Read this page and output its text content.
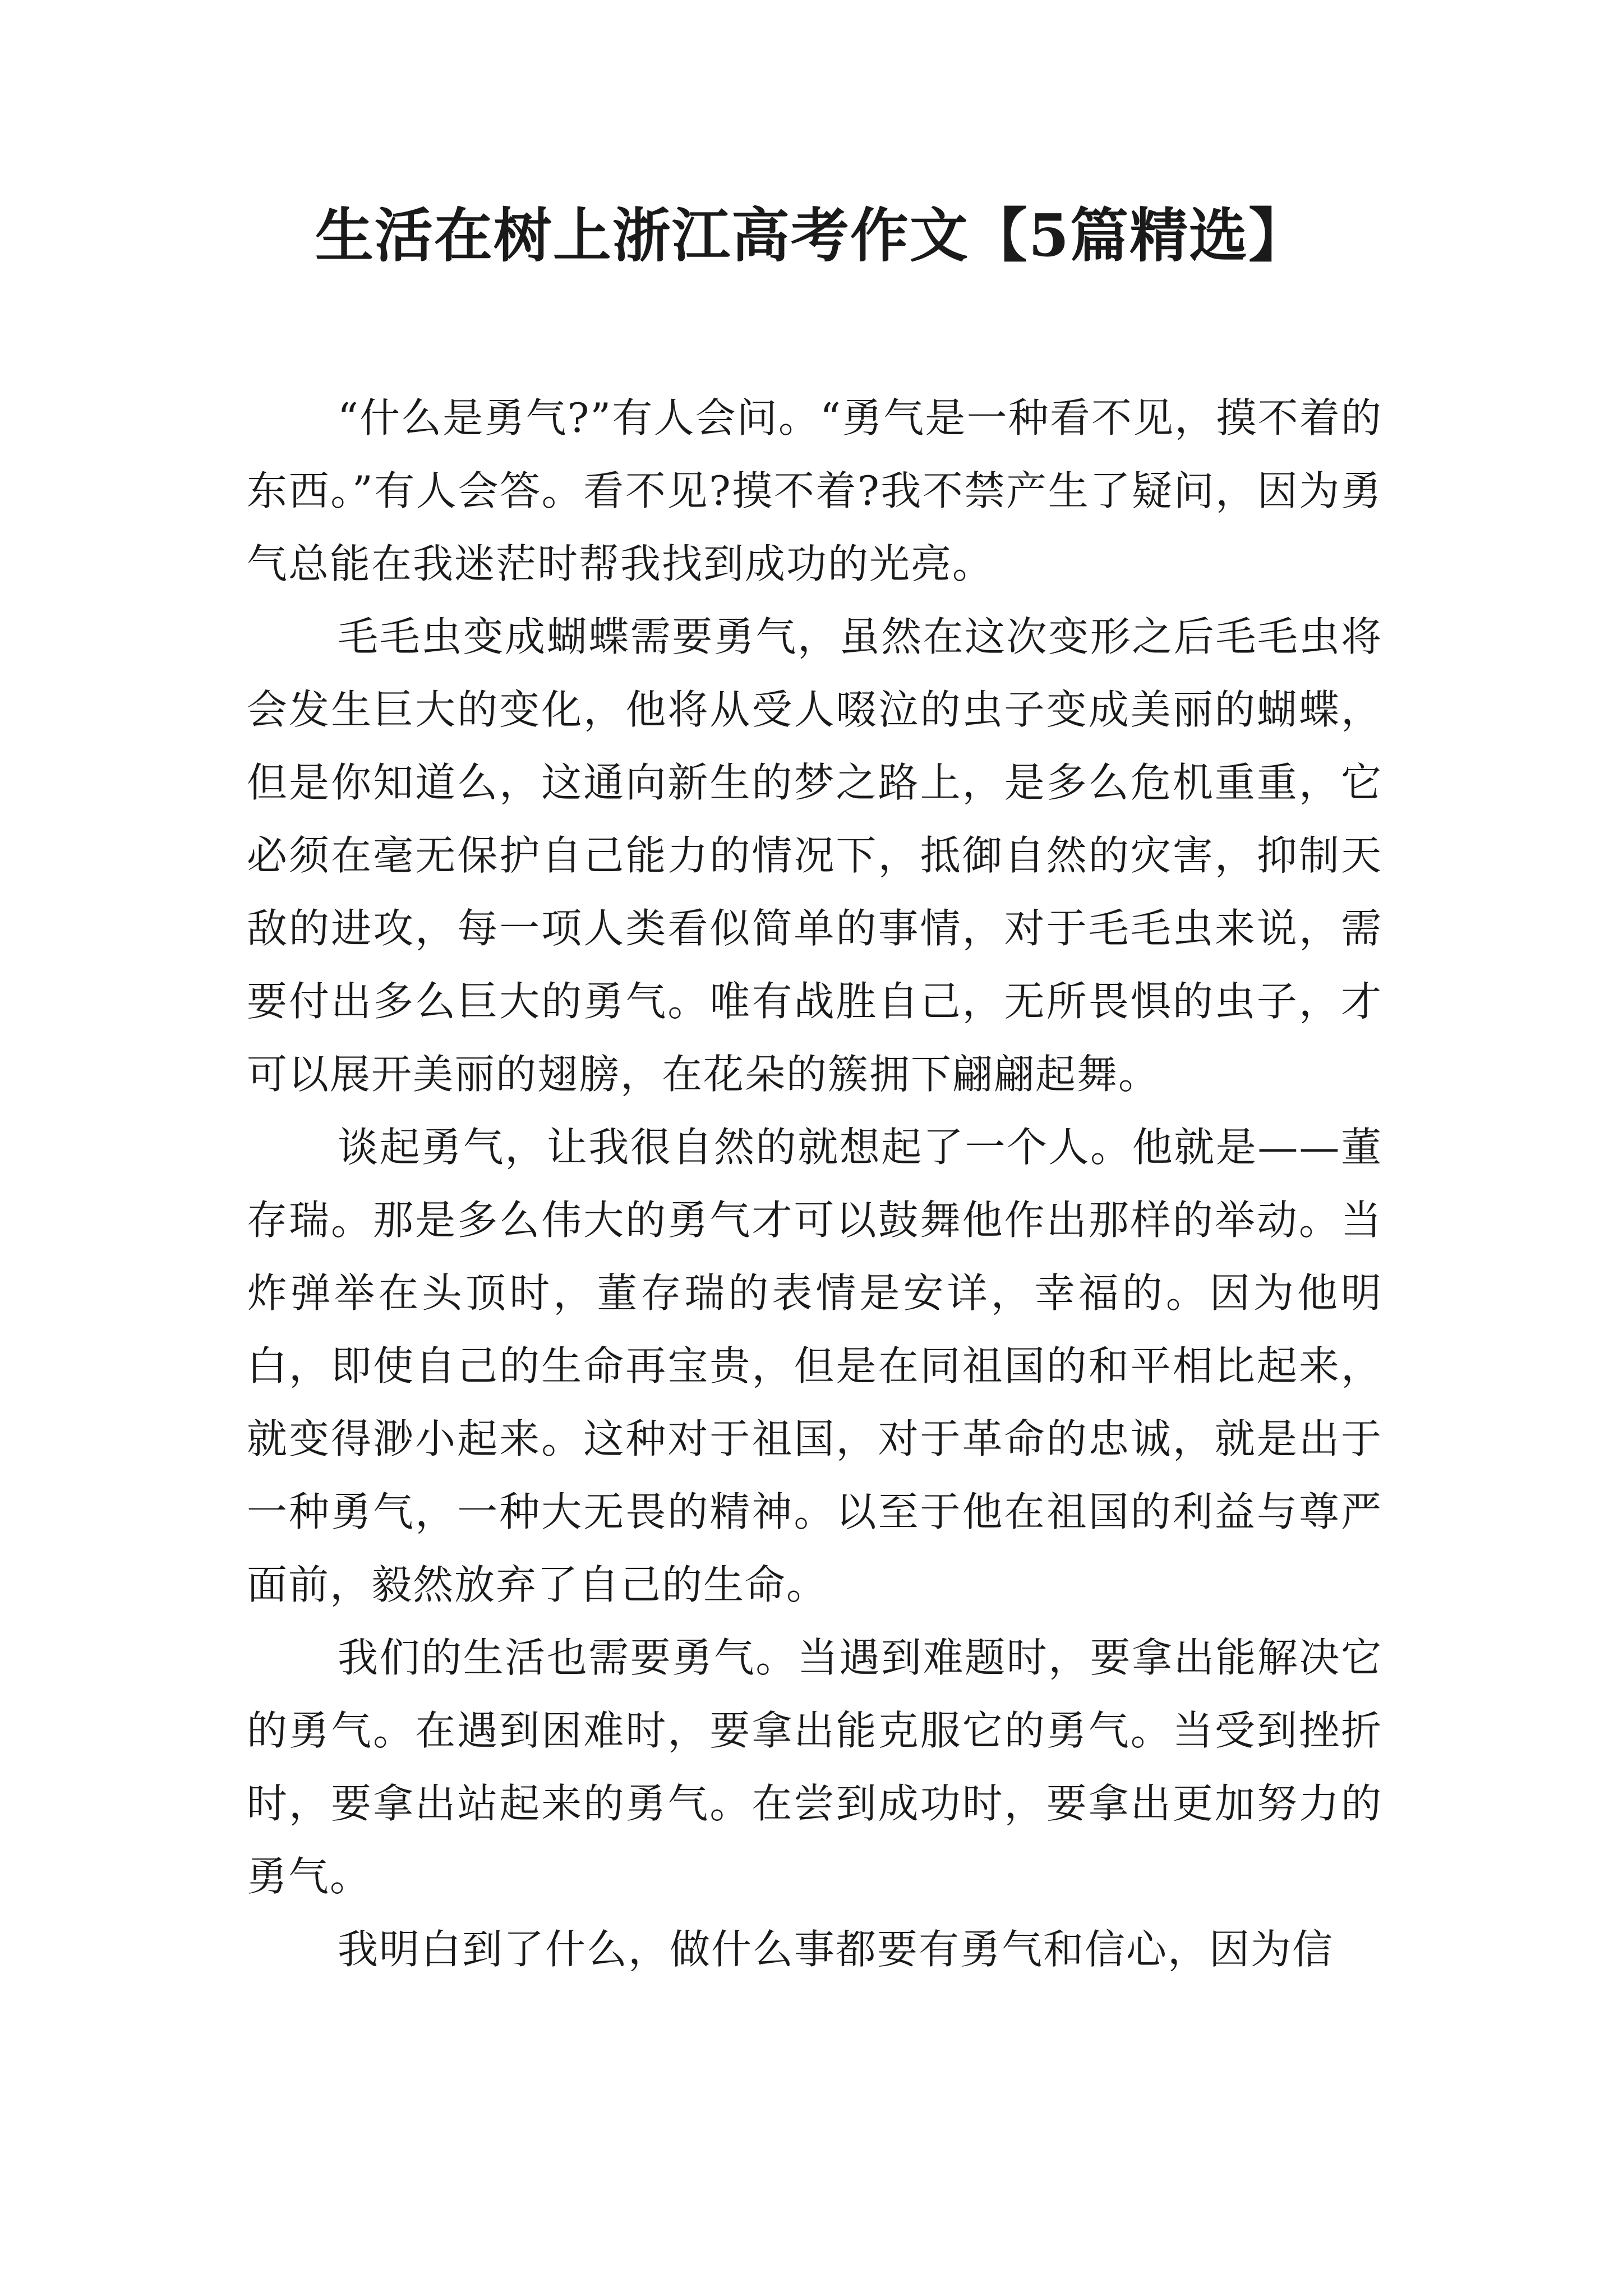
生活在树上浙江高考作文【5篇精选】

“什么是勇气?”有人会问。“勇气是一种看不见，摸不着的东西。”有人会答。看不见?摸不着?我不禁产生了疑问，因为勇气总能在我迷茫时帮我找到成功的光亮。

毛毛虫变成蝴蝶需要勇气，虽然在这次变形之后毛毛虫将会发生巨大的变化，他将从受人啜泣的虫子变成美丽的蝴蝶，但是你知道么，这通向新生的梦之路上，是多么危机重重，它必须在毫无保护自己能力的情况下，抵御自然的灾害，抑制天敌的进攻，每一项人类看似简单的事情，对于毛毛虫来说，需要付出多么巨大的勇气。唯有战胜自己，无所畏惧的虫子，才可以展开美丽的翅膀，在花朵的簇拥下翩翩起舞。

谈起勇气，让我很自然的就想起了一个人。他就是——董存瑞。那是多么伟大的勇气才可以鼓舞他作出那样的举动。当炸弹举在头顶时，董存瑞的表情是安详，幸福的。因为他明白，即使自己的生命再宝贵，但是在同祖国的和平相比起来，就变得渺小起来。这种对于祖国，对于革命的忠诚，就是出于一种勇气，一种大无畏的精神。以至于他在祖国的利益与尊严面前，毅然放弃了自己的生命。

我们的生活也需要勇气。当遇到难题时，要拿出能解决它的勇气。在遇到困难时，要拿出能克服它的勇气。当受到挫折时，要拿出站起来的勇气。在尝到成功时，要拿出更加努力的勇气。

我明白到了什么，做什么事都要有勇气和信心，因为信
